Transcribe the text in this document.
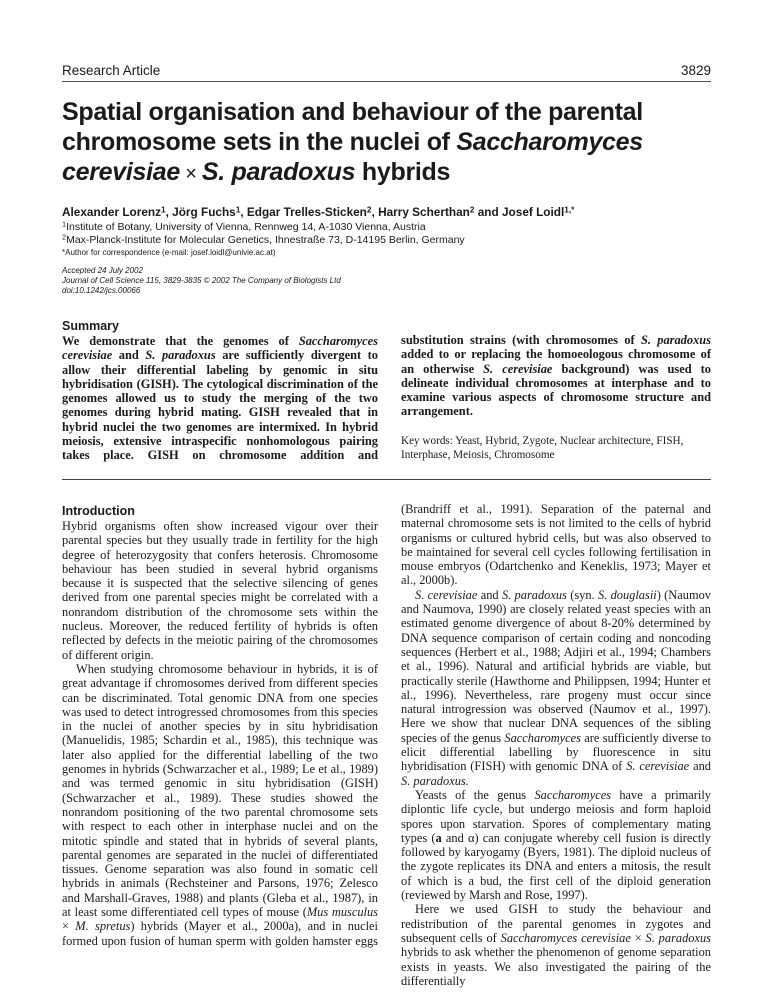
Research Article	3829
Spatial organisation and behaviour of the parental chromosome sets in the nuclei of Saccharomyces cerevisiae × S. paradoxus hybrids
Alexander Lorenz$^1$, Jörg Fuchs$^1$, Edgar Trelles-Sticken$^2$, Harry Scherthan$^2$ and Josef Loidl$^{1,*}$
$^1$Institute of Botany, University of Vienna, Rennweg 14, A-1030 Vienna, Austria
$^2$Max-Planck-Institute for Molecular Genetics, Ihnestraße 73, D-14195 Berlin, Germany
*Author for correspondence (e-mail: josef.loidl@univie.ac.at)
Accepted 24 July 2002
Journal of Cell Science 115, 3829-3835 © 2002 The Company of Biologists Ltd
doi:10.1242/jcs.00066
Summary

We demonstrate that the genomes of Saccharomyces cerevisiae and S. paradoxus are sufficiently divergent to allow their differential labeling by genomic in situ hybridisation (GISH). The cytological discrimination of the genomes allowed us to study the merging of the two genomes during hybrid mating. GISH revealed that in hybrid nuclei the two genomes are intermixed. In hybrid meiosis, extensive intraspecific nonhomologous pairing takes place. GISH on chromosome addition and

substitution strains (with chromosomes of S. paradoxus added to or replacing the homoeologous chromosome of an otherwise S. cerevisiae background) was used to delineate individual chromosomes at interphase and to examine various aspects of chromosome structure and arrangement.

Key words: Yeast, Hybrid, Zygote, Nuclear architecture, FISH, Interphase, Meiosis, Chromosome
Introduction

Hybrid organisms often show increased vigour over their parental species but they usually trade in fertility for the high degree of heterozygosity that confers heterosis. Chromosome behaviour has been studied in several hybrid organisms because it is suspected that the selective silencing of genes derived from one parental species might be correlated with a nonrandom distribution of the chromosome sets within the nucleus. Moreover, the reduced fertility of hybrids is often reflected by defects in the meiotic pairing of the chromosomes of different origin.

When studying chromosome behaviour in hybrids, it is of great advantage if chromosomes derived from different species can be discriminated. Total genomic DNA from one species was used to detect introgressed chromosomes from this species in the nuclei of another species by in situ hybridisation (Manuelidis, 1985; Schardin et al., 1985), this technique was later also applied for the differential labelling of the two genomes in hybrids (Schwarzacher et al., 1989; Le et al., 1989) and was termed genomic in situ hybridisation (GISH) (Schwarzacher et al., 1989). These studies showed the nonrandom positioning of the two parental chromosome sets with respect to each other in interphase nuclei and on the mitotic spindle and stated that in hybrids of several plants, parental genomes are separated in the nuclei of differentiated tissues. Genome separation was also found in somatic cell hybrids in animals (Rechsteiner and Parsons, 1976; Zelesco and Marshall-Graves, 1988) and plants (Gleba et al., 1987), in at least some differentiated cell types of mouse (Mus musculus × M. spretus) hybrids (Mayer et al., 2000a), and in nuclei formed upon fusion of human sperm with golden hamster eggs

(Brandriff et al., 1991). Separation of the paternal and maternal chromosome sets is not limited to the cells of hybrid organisms or cultured hybrid cells, but was also observed to be maintained for several cell cycles following fertilisation in mouse embryos (Odartchenko and Keneklis, 1973; Mayer et al., 2000b).

S. cerevisiae and S. paradoxus (syn. S. douglasii) (Naumov and Naumova, 1990) are closely related yeast species with an estimated genome divergence of about 8-20% determined by DNA sequence comparison of certain coding and noncoding sequences (Herbert et al., 1988; Adjiri et al., 1994; Chambers et al., 1996). Natural and artificial hybrids are viable, but practically sterile (Hawthorne and Philippsen, 1994; Hunter et al., 1996). Nevertheless, rare progeny must occur since natural introgression was observed (Naumov et al., 1997). Here we show that nuclear DNA sequences of the sibling species of the genus Saccharomyces are sufficiently diverse to elicit differential labelling by fluorescence in situ hybridisation (FISH) with genomic DNA of S. cerevisiae and S. paradoxus.

Yeasts of the genus Saccharomyces have a primarily diplontic life cycle, but undergo meiosis and form haploid spores upon starvation. Spores of complementary mating types (a and α) can conjugate whereby cell fusion is directly followed by karyogamy (Byers, 1981). The diploid nucleus of the zygote replicates its DNA and enters a mitosis, the result of which is a bud, the first cell of the diploid generation (reviewed by Marsh and Rose, 1997).

Here we used GISH to study the behaviour and redistribution of the parental genomes in zygotes and subsequent cells of Saccharomyces cerevisiae × S. paradoxus hybrids to ask whether the phenomenon of genome separation exists in yeasts. We also investigated the pairing of the differentially
